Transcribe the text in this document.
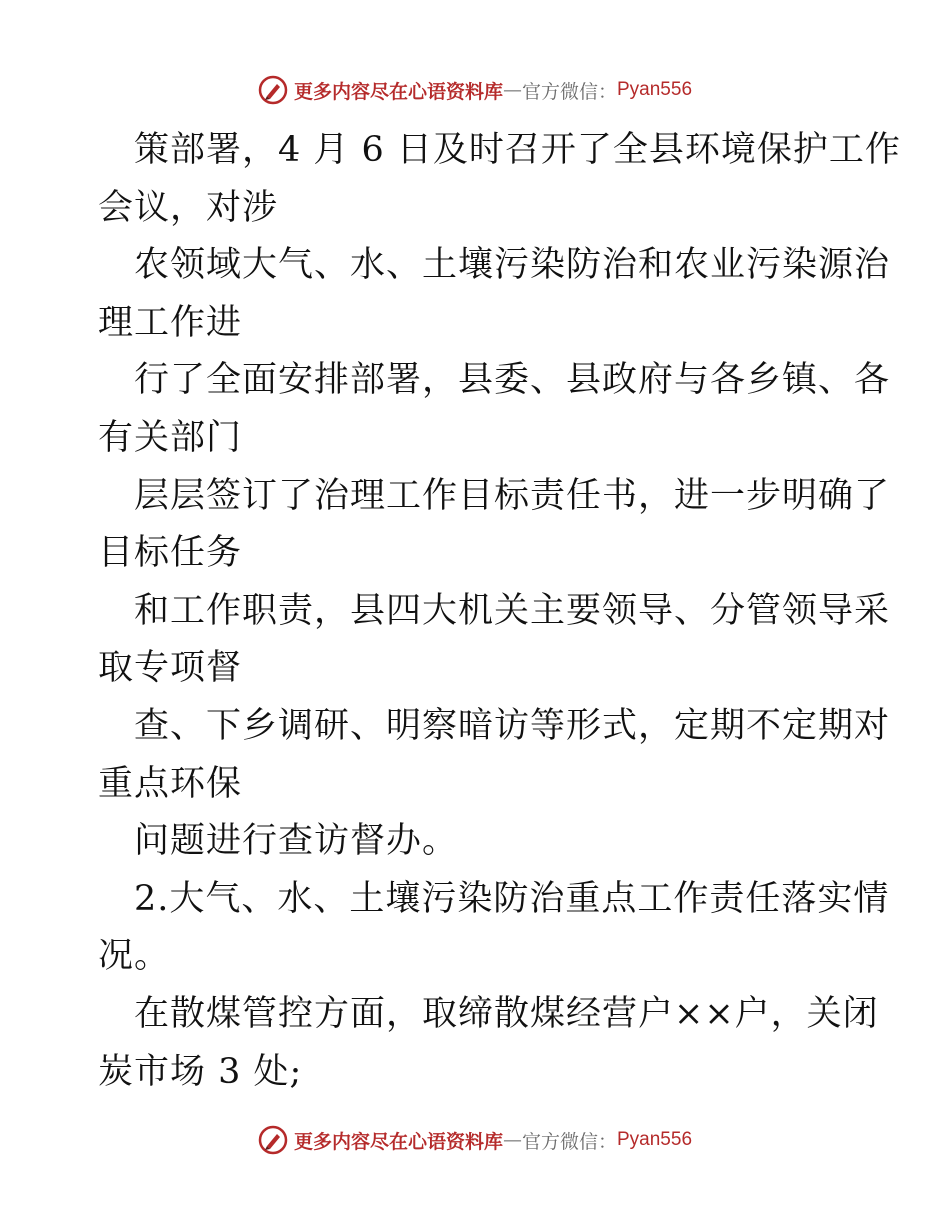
更多内容尽在心语资料库 — 官方微信： Pyan556
策部署，4 月 6 日及时召开了全县环境保护工作
会议，对涉
农领域大气、水、土壤污染防治和农业污染源治
理工作进
行了全面安排部署，县委、县政府与各乡镇、各
有关部门
层层签订了治理工作目标责任书，进一步明确了
目标任务
和工作职责，县四大机关主要领导、分管领导采
取专项督
查、下乡调研、明察暗访等形式，定期不定期对
重点环保
问题进行查访督办。
2.大气、水、土壤污染防治重点工作责任落实情
况。
在散煤管控方面，取缔散煤经营户××户，关闭
炭市场 3 处;
更多内容尽在心语资料库 — 官方微信： Pyan556
